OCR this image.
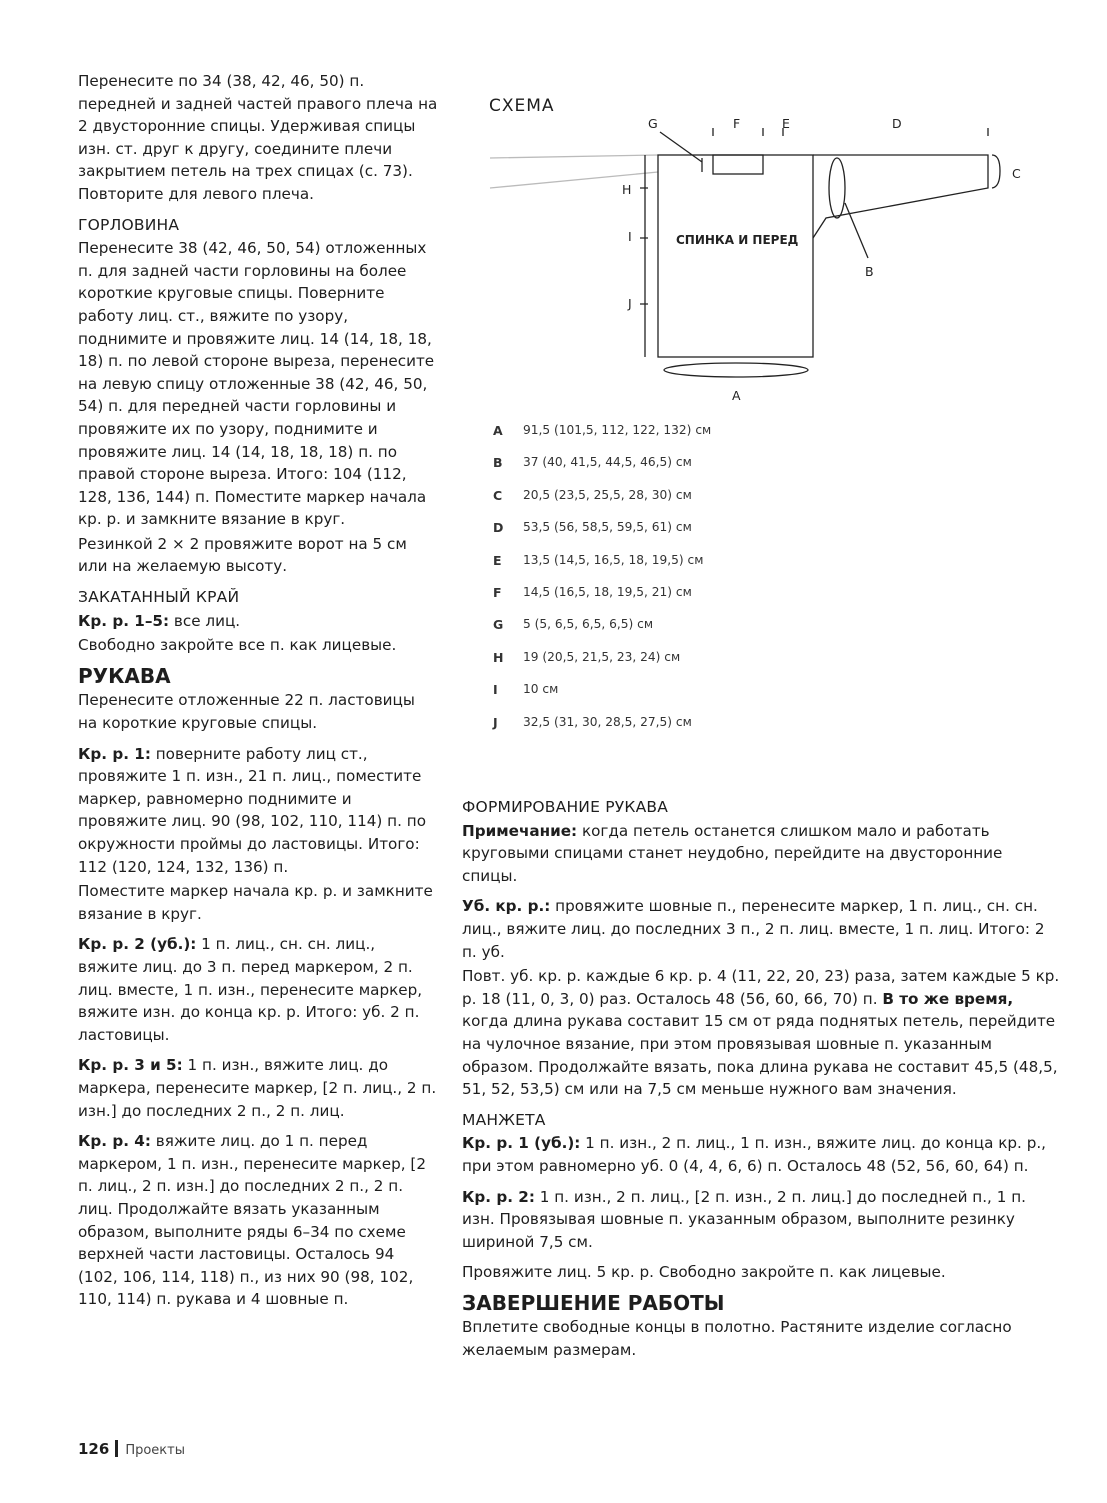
Перенесите по 34 (38, 42, 46, 50) п. передней и задней частей правого плеча на 2 двусторонние спицы. Удерживая спицы изн. ст. друг к другу, соедините плечи закрытием петель на трех спицах (с. 73). Повторите для левого плеча.

ГОРЛОВИНА

Перенесите 38 (42, 46, 50, 54) отложенных п. для задней части горловины на более короткие круговые спицы. Поверните работу лиц. ст., вяжите по узору, поднимите и провяжите лиц. 14 (14, 18, 18, 18) п. по левой стороне выреза, перенесите на левую спицу отложенные 38 (42, 46, 50, 54) п. для передней части горловины и провяжите их по узору, поднимите и провяжите лиц. 14 (14, 18, 18, 18) п. по правой стороне выреза. Итого: 104 (112, 128, 136, 144) п. Поместите маркер начала кр. р. и замкните вязание в круг.

Резинкой 2 × 2 провяжите ворот на 5 см или на желаемую высоту.

ЗАКАТАННЫЙ КРАЙ

Кр. р. 1–5: все лиц.

Свободно закройте все п. как лицевые.

РУКАВА

Перенесите отложенные 22 п. ластовицы на короткие круговые спицы.

Кр. р. 1: поверните работу лиц ст., провяжите 1 п. изн., 21 п. лиц., поместите маркер, равномерно поднимите и провяжите лиц. 90 (98, 102, 110, 114) п. по окружности проймы до ластовицы. Итого: 112 (120, 124, 132, 136) п.

Поместите маркер начала кр. р. и замкните вязание в круг.

Кр. р. 2 (уб.): 1 п. лиц., сн. сн. лиц., вяжите лиц. до 3 п. перед маркером, 2 п. лиц. вместе, 1 п. изн., перенесите маркер, вяжите изн. до конца кр. р. Итого: уб. 2 п. ластовицы.

Кр. р. 3 и 5: 1 п. изн., вяжите лиц. до маркера, перенесите маркер, [2 п. лиц., 2 п. изн.] до последних 2 п., 2 п. лиц.

Кр. р. 4: вяжите лиц. до 1 п. перед маркером, 1 п. изн., перенесите маркер, [2 п. лиц., 2 п. изн.] до последних 2 п., 2 п. лиц. Продолжайте вязать указанным образом, выполните ряды 6–34 по схеме верхней части ластовицы. Осталось 94 (102, 106, 114, 118) п., из них 90 (98, 102, 110, 114) п. рукава и 4 шовные п.

СХЕМА
G	F	E	D
C
B
A
H
I
J
СПИНКА И ПЕРЕД
A	91,5 (101,5, 112, 122, 132) см
B	37 (40, 41,5, 44,5, 46,5) см
C	20,5 (23,5, 25,5, 28, 30) см
D	53,5 (56, 58,5, 59,5, 61) см
E	13,5 (14,5, 16,5, 18, 19,5) см
F	14,5 (16,5, 18, 19,5, 21) см
G	5 (5, 6,5, 6,5, 6,5) см
H	19 (20,5, 21,5, 23, 24) см
I	10 см
J	32,5 (31, 30, 28,5, 27,5) см
ФОРМИРОВАНИЕ РУКАВА

Примечание: когда петель останется слишком мало и работать круговыми спицами станет неудобно, перейдите на двусторонние спицы.

Уб. кр. р.: провяжите шовные п., перенесите маркер, 1 п. лиц., сн. сн. лиц., вяжите лиц. до последних 3 п., 2 п. лиц. вместе, 1 п. лиц. Итого: 2 п. уб.

Повт. уб. кр. р. каждые 6 кр. р. 4 (11, 22, 20, 23) раза, затем каждые 5 кр. р. 18 (11, 0, 3, 0) раз. Осталось 48 (56, 60, 66, 70) п. В то же время, когда длина рукава составит 15 см от ряда поднятых петель, перейдите на чулочное вязание, при этом провязывая шовные п. указанным образом. Продолжайте вязать, пока длина рукава не составит 45,5 (48,5, 51, 52, 53,5) см или на 7,5 см меньше нужного вам значения.

МАНЖЕТА

Кр. р. 1 (уб.): 1 п. изн., 2 п. лиц., 1 п. изн., вяжите лиц. до конца кр. р., при этом равномерно уб. 0 (4, 4, 6, 6) п. Осталось 48 (52, 56, 60, 64) п.

Кр. р. 2: 1 п. изн., 2 п. лиц., [2 п. изн., 2 п. лиц.] до последней п., 1 п. изн. Провязывая шовные п. указанным образом, выполните резинку шириной 7,5 см.

Провяжите лиц. 5 кр. р. Свободно закройте п. как лицевые.

ЗАВЕРШЕНИЕ РАБОТЫ

Вплетите свободные концы в полотно. Растяните изделие согласно желаемым размерам.

126 Проекты
